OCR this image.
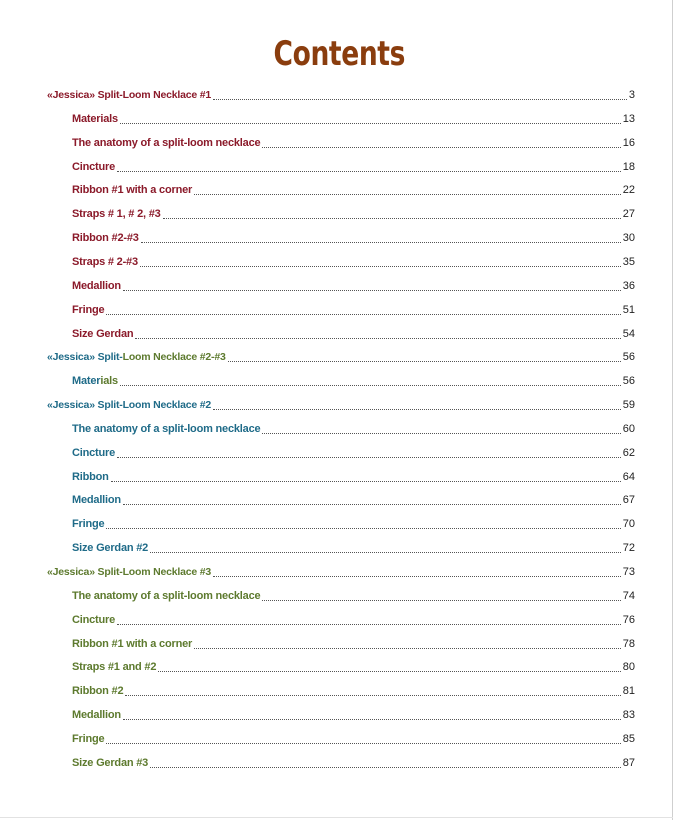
Contents
«Jessica» Split-Loom Necklace #1	3
Materials	13
The anatomy of a split-loom necklace	16
Cincture	18
Ribbon #1 with a corner	22
Straps # 1, # 2, #3	27
Ribbon #2-#3	30
Straps # 2-#3	35
Medallion	36
Fringe	51
Size Gerdan	54
«Jessica» Split-Loom Necklace #2-#3	56
Materials	56
«Jessica» Split-Loom Necklace #2	59
The anatomy of a split-loom necklace	60
Cincture	62
Ribbon	64
Medallion	67
Fringe	70
Size Gerdan #2	72
«Jessica» Split-Loom Necklace #3	73
The anatomy of a split-loom necklace	74
Cincture	76
Ribbon #1 with a corner	78
Straps #1 and #2	80
Ribbon #2	81
Medallion	83
Fringe	85
Size Gerdan #3	87
